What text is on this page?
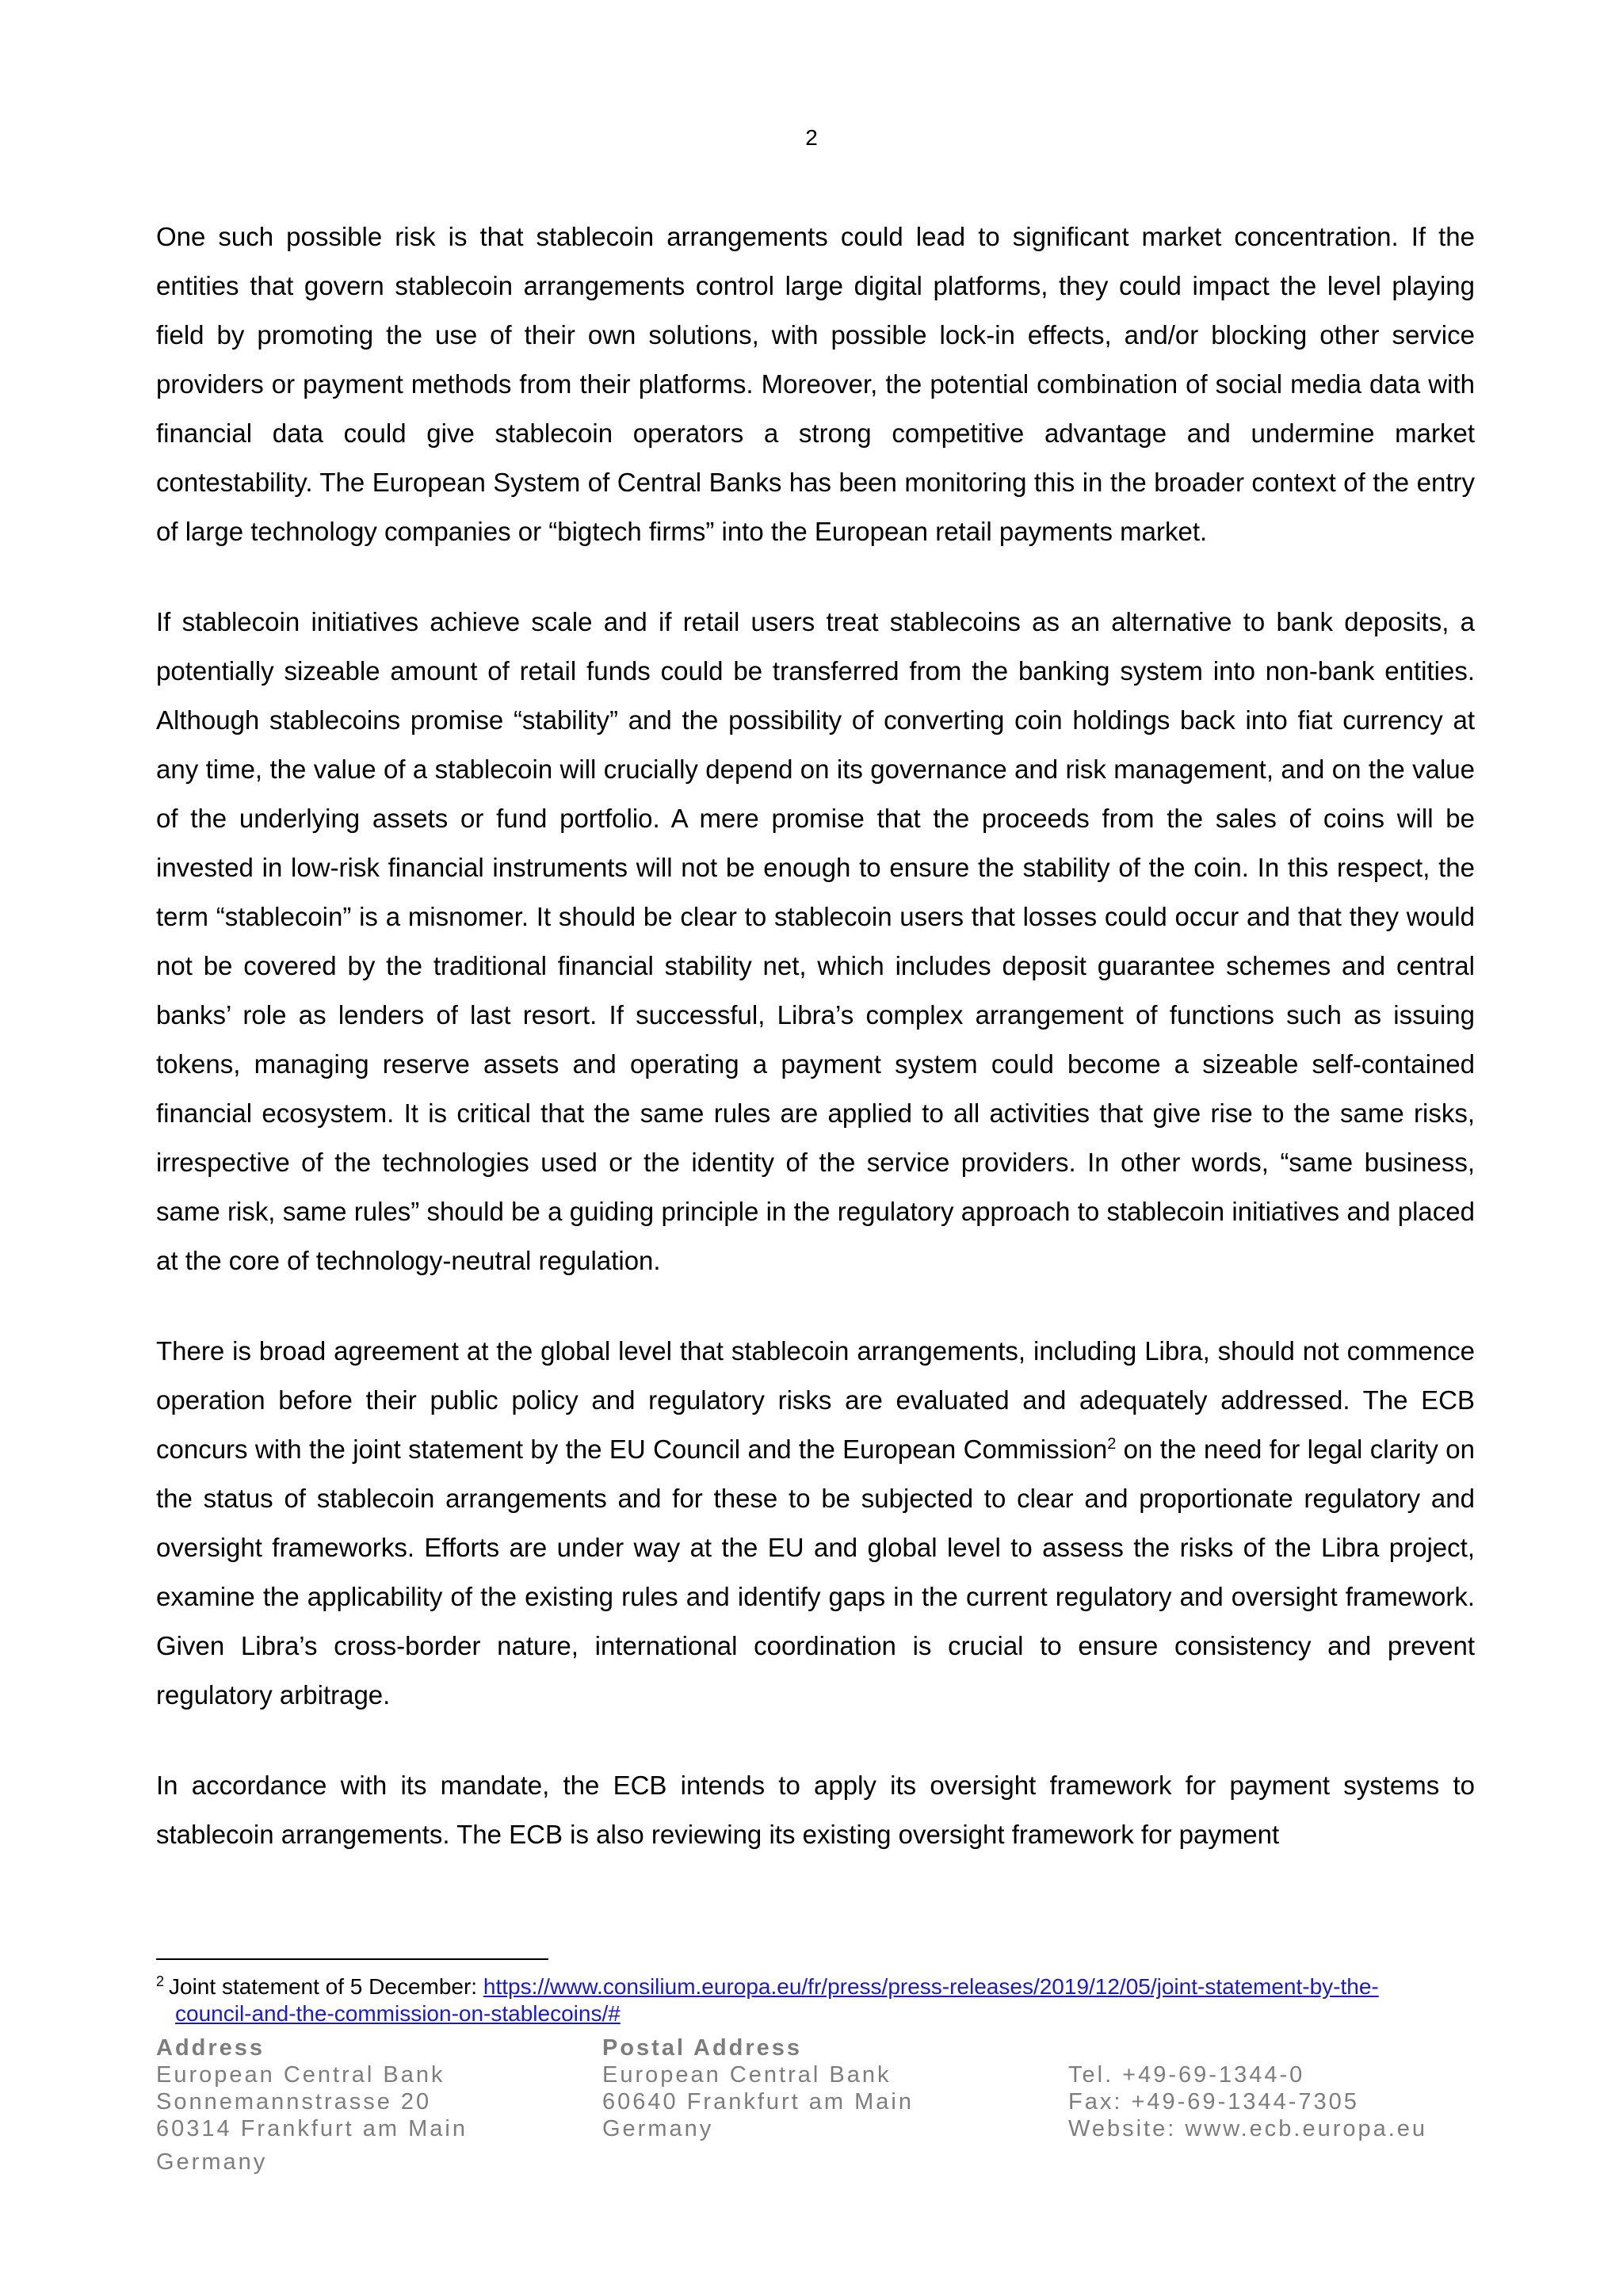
2

One such possible risk is that stablecoin arrangements could lead to significant market concentration. If the entities that govern stablecoin arrangements control large digital platforms, they could impact the level playing field by promoting the use of their own solutions, with possible lock-in effects, and/or blocking other service providers or payment methods from their platforms. Moreover, the potential combination of social media data with financial data could give stablecoin operators a strong competitive advantage and undermine market contestability. The European System of Central Banks has been monitoring this in the broader context of the entry of large technology companies or “bigtech firms” into the European retail payments market.

If stablecoin initiatives achieve scale and if retail users treat stablecoins as an alternative to bank deposits, a potentially sizeable amount of retail funds could be transferred from the banking system into non-bank entities. Although stablecoins promise “stability” and the possibility of converting coin holdings back into fiat currency at any time, the value of a stablecoin will crucially depend on its governance and risk management, and on the value of the underlying assets or fund portfolio. A mere promise that the proceeds from the sales of coins will be invested in low-risk financial instruments will not be enough to ensure the stability of the coin. In this respect, the term “stablecoin” is a misnomer. It should be clear to stablecoin users that losses could occur and that they would not be covered by the traditional financial stability net, which includes deposit guarantee schemes and central banks’ role as lenders of last resort. If successful, Libra’s complex arrangement of functions such as issuing tokens, managing reserve assets and operating a payment system could become a sizeable self-contained financial ecosystem. It is critical that the same rules are applied to all activities that give rise to the same risks, irrespective of the technologies used or the identity of the service providers. In other words, “same business, same risk, same rules” should be a guiding principle in the regulatory approach to stablecoin initiatives and placed at the core of technology-neutral regulation.

There is broad agreement at the global level that stablecoin arrangements, including Libra, should not commence operation before their public policy and regulatory risks are evaluated and adequately addressed. The ECB concurs with the joint statement by the EU Council and the European Commission$^2$ on the need for legal clarity on the status of stablecoin arrangements and for these to be subjected to clear and proportionate regulatory and oversight frameworks. Efforts are under way at the EU and global level to assess the risks of the Libra project, examine the applicability of the existing rules and identify gaps in the current regulatory and oversight framework. Given Libra’s cross-border nature, international coordination is crucial to ensure consistency and prevent regulatory arbitrage.

In accordance with its mandate, the ECB intends to apply its oversight framework for payment systems to stablecoin arrangements. The ECB is also reviewing its existing oversight framework for payment

$^2$ Joint statement of 5 December: https://www.consilium.europa.eu/fr/press/press-releases/2019/12/05/joint-statement-by-the-
council-and-the-commission-on-stablecoins/#
Address
European Central Bank
Sonnemannstrasse 20
60314 Frankfurt am Main
Germany
Postal Address
European Central Bank
60640 Frankfurt am Main
Germany
Tel. +49-69-1344-0
Fax: +49-69-1344-7305
Website: www.ecb.europa.eu
